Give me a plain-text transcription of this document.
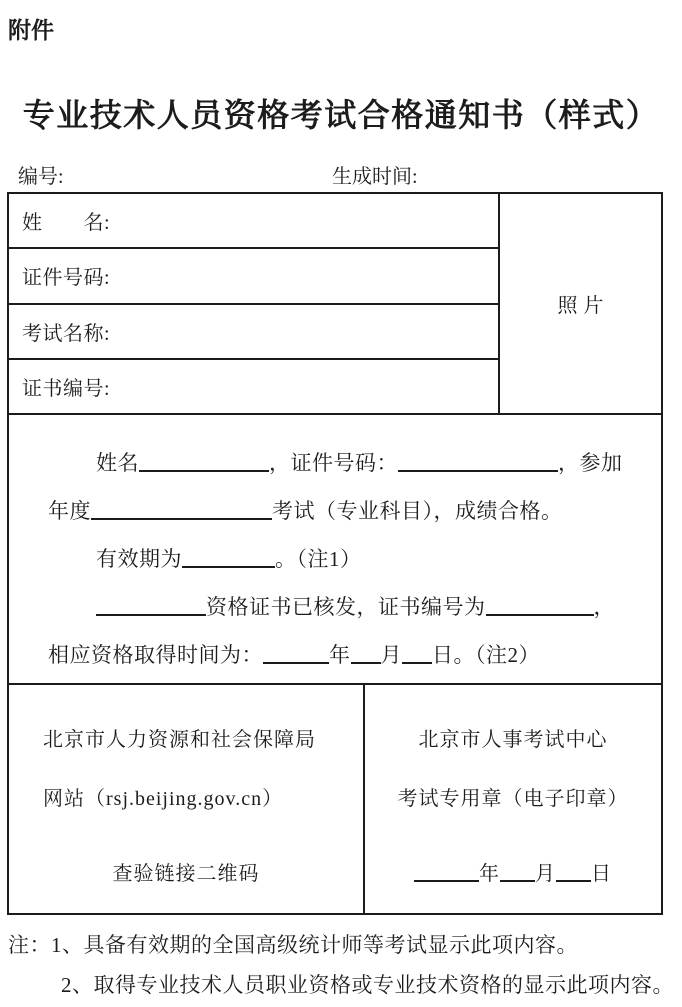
附件
专业技术人员资格考试合格通知书（样式）
编号:	生成时间:
姓　　名:
证件号码:
考试名称:
证书编号:
照片
姓名	，证件号码：	，参加
年度	考试（专业科目），成绩合格。
有效期为	。（注1）
资格证书已核发，证书编号为	，
相应资格取得时间为：	年 月 日。（注2）
北京市人力资源和社会保障局
网站（rsj.beijing.gov.cn）
查验链接二维码
北京市人事考试中心
考试专用章（电子印章）
年 月 日
注：1、具备有效期的全国高级统计师等考试显示此项内容。
2、取得专业技术人员职业资格或专业技术资格的显示此项内容。
